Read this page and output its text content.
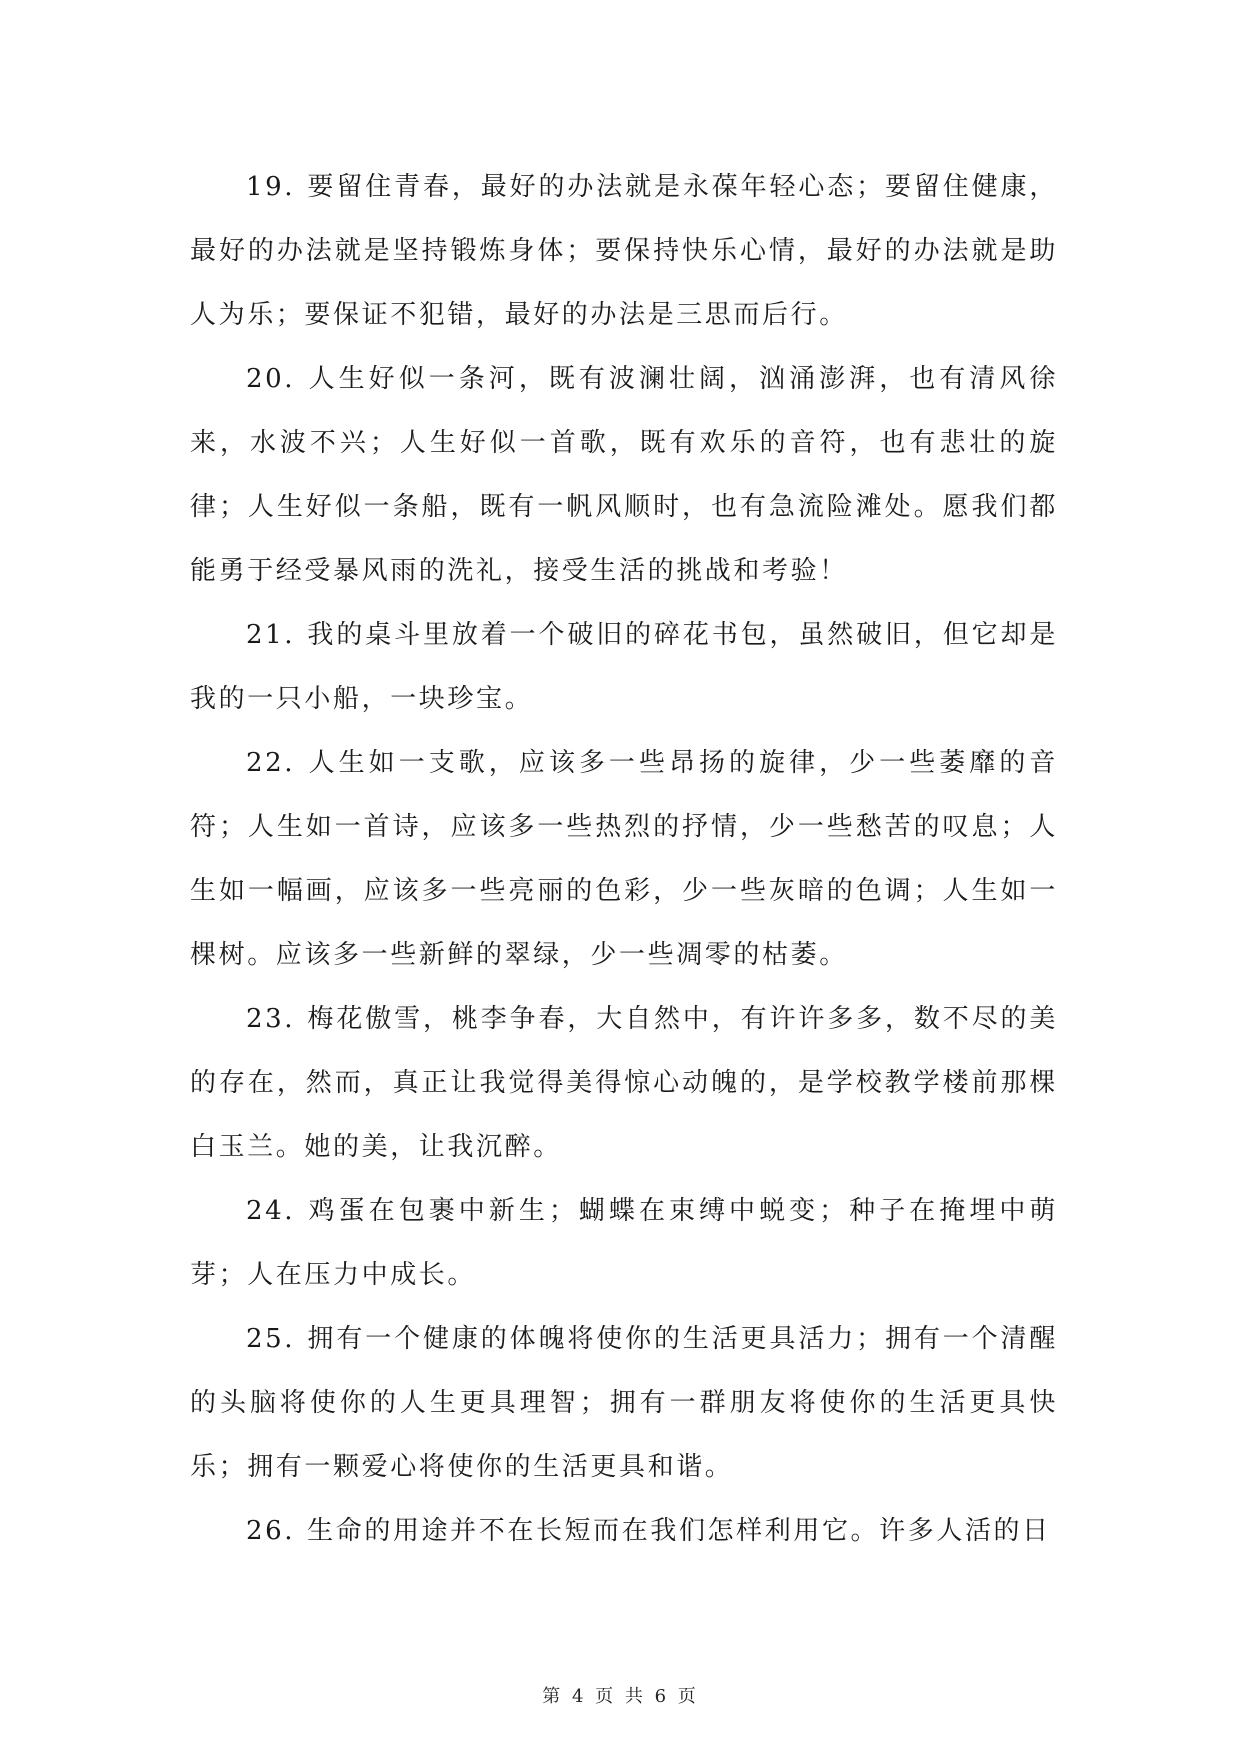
19. 要留住青春，最好的办法就是永葆年轻心态；要留住健康，最好的办法就是坚持锻炼身体；要保持快乐心情，最好的办法就是助人为乐；要保证不犯错，最好的办法是三思而后行。

20. 人生好似一条河，既有波澜壮阔，汹涌澎湃，也有清风徐来，水波不兴；人生好似一首歌，既有欢乐的音符，也有悲壮的旋律；人生好似一条船，既有一帆风顺时，也有急流险滩处。愿我们都能勇于经受暴风雨的洗礼，接受生活的挑战和考验！

21. 我的桌斗里放着一个破旧的碎花书包，虽然破旧，但它却是我的一只小船，一块珍宝。

22. 人生如一支歌，应该多一些昂扬的旋律，少一些萎靡的音符；人生如一首诗，应该多一些热烈的抒情，少一些愁苦的叹息；人生如一幅画，应该多一些亮丽的色彩，少一些灰暗的色调；人生如一棵树。应该多一些新鲜的翠绿，少一些凋零的枯萎。

23. 梅花傲雪，桃李争春，大自然中，有许许多多，数不尽的美的存在，然而，真正让我觉得美得惊心动魄的，是学校教学楼前那棵白玉兰。她的美，让我沉醉。

24. 鸡蛋在包裹中新生；蝴蝶在束缚中蜕变；种子在掩埋中萌芽；人在压力中成长。

25. 拥有一个健康的体魄将使你的生活更具活力；拥有一个清醒的头脑将使你的人生更具理智；拥有一群朋友将使你的生活更具快乐；拥有一颗爱心将使你的生活更具和谐。

26. 生命的用途并不在长短而在我们怎样利用它。许多人活的日

第 4 页 共 6 页
